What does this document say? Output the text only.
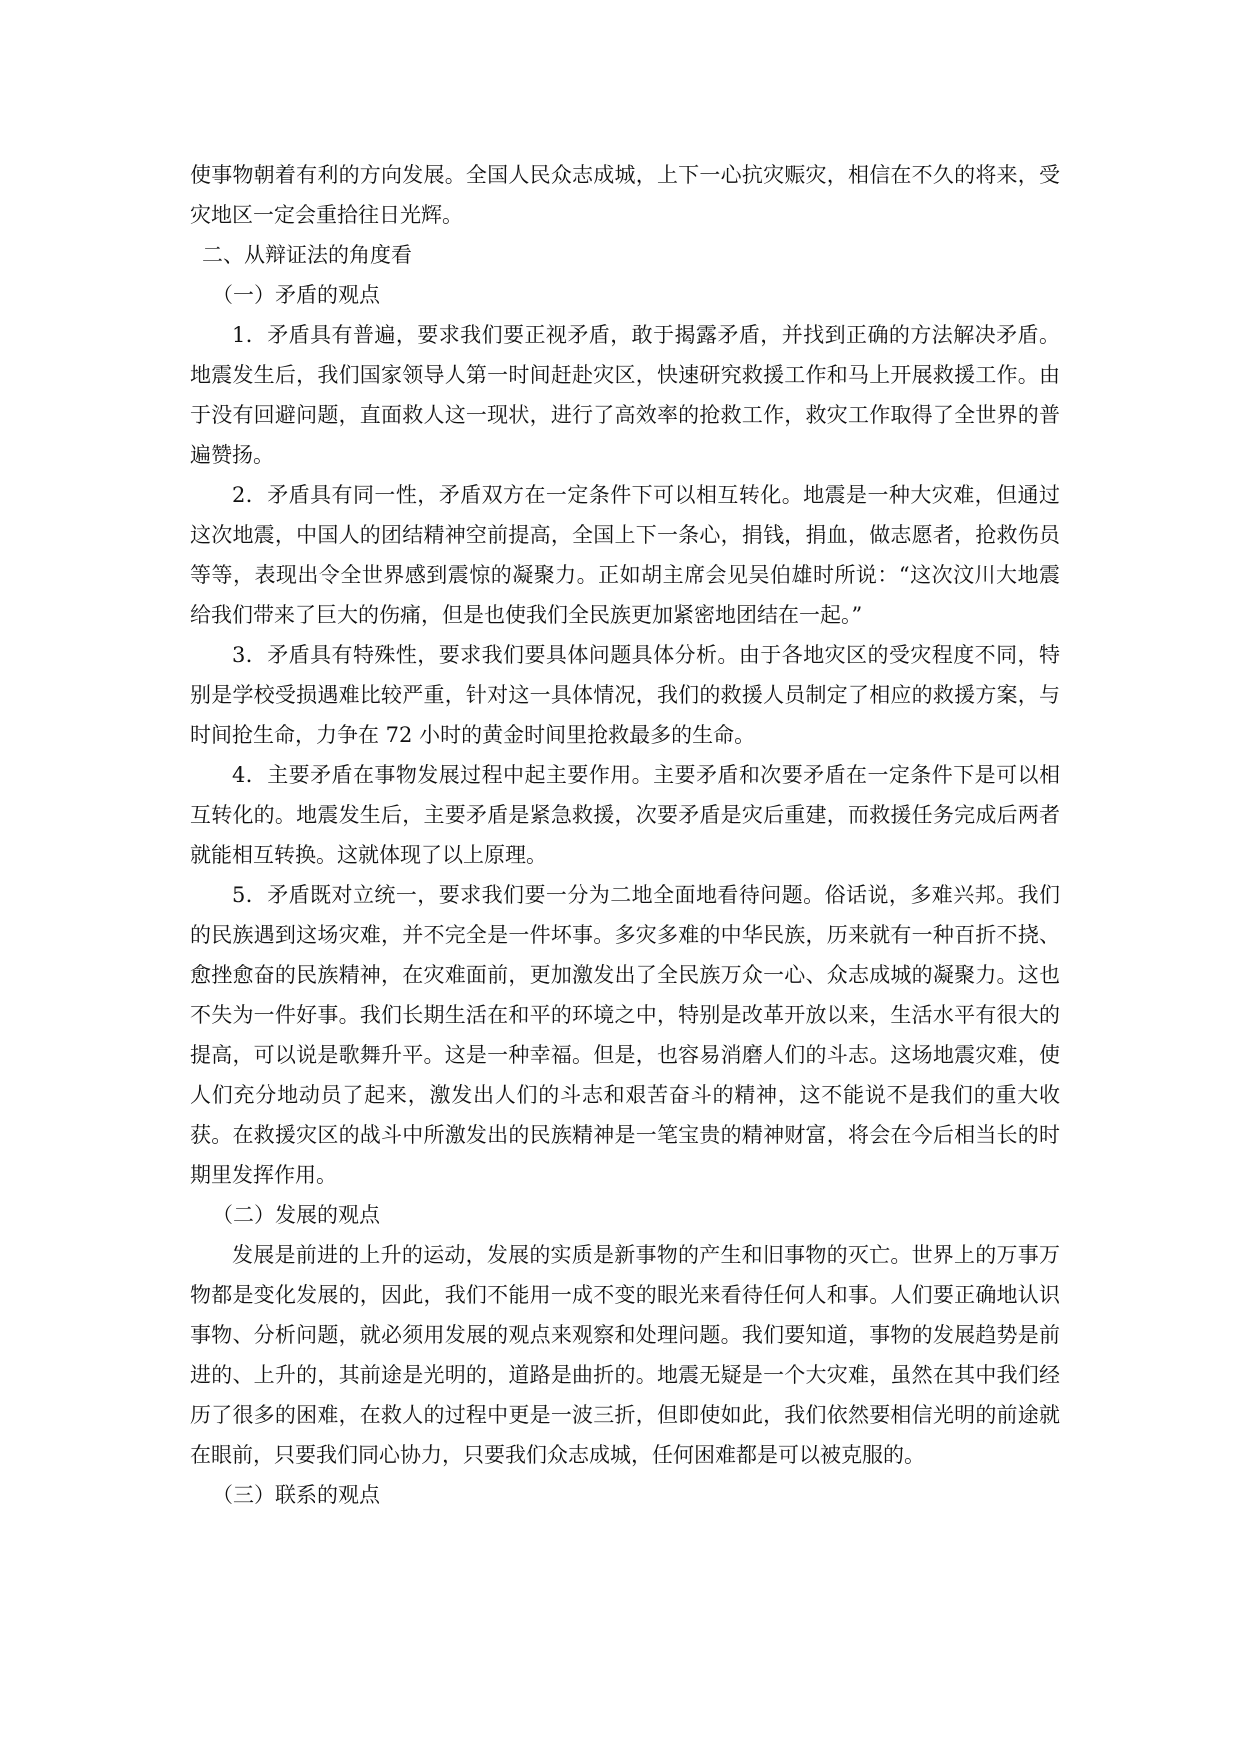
使事物朝着有利的方向发展。全国人民众志成城，上下一心抗灾赈灾，相信在不久的将来，受灾地区一定会重拾往日光辉。

二、从辩证法的角度看

（一）矛盾的观点

1．矛盾具有普遍，要求我们要正视矛盾，敢于揭露矛盾，并找到正确的方法解决矛盾。地震发生后，我们国家领导人第一时间赶赴灾区，快速研究救援工作和马上开展救援工作。由于没有回避问题，直面救人这一现状，进行了高效率的抢救工作，救灾工作取得了全世界的普遍赞扬。

2．矛盾具有同一性，矛盾双方在一定条件下可以相互转化。地震是一种大灾难，但通过这次地震，中国人的团结精神空前提高，全国上下一条心，捐钱，捐血，做志愿者，抢救伤员等等，表现出令全世界感到震惊的凝聚力。正如胡主席会见吴伯雄时所说：“这次汶川大地震给我们带来了巨大的伤痛，但是也使我们全民族更加紧密地团结在一起。”

3．矛盾具有特殊性，要求我们要具体问题具体分析。由于各地灾区的受灾程度不同，特别是学校受损遇难比较严重，针对这一具体情况，我们的救援人员制定了相应的救援方案，与时间抢生命，力争在 72 小时的黄金时间里抢救最多的生命。

4．主要矛盾在事物发展过程中起主要作用。主要矛盾和次要矛盾在一定条件下是可以相互转化的。地震发生后，主要矛盾是紧急救援，次要矛盾是灾后重建，而救援任务完成后两者就能相互转换。这就体现了以上原理。

5．矛盾既对立统一，要求我们要一分为二地全面地看待问题。俗话说，多难兴邦。我们的民族遇到这场灾难，并不完全是一件坏事。多灾多难的中华民族，历来就有一种百折不挠、愈挫愈奋的民族精神，在灾难面前，更加激发出了全民族万众一心、众志成城的凝聚力。这也不失为一件好事。我们长期生活在和平的环境之中，特别是改革开放以来，生活水平有很大的提高，可以说是歌舞升平。这是一种幸福。但是，也容易消磨人们的斗志。这场地震灾难，使人们充分地动员了起来，激发出人们的斗志和艰苦奋斗的精神，这不能说不是我们的重大收获。在救援灾区的战斗中所激发出的民族精神是一笔宝贵的精神财富，将会在今后相当长的时期里发挥作用。

（二）发展的观点

发展是前进的上升的运动，发展的实质是新事物的产生和旧事物的灭亡。世界上的万事万物都是变化发展的，因此，我们不能用一成不变的眼光来看待任何人和事。人们要正确地认识事物、分析问题，就必须用发展的观点来观察和处理问题。我们要知道，事物的发展趋势是前进的、上升的，其前途是光明的，道路是曲折的。地震无疑是一个大灾难，虽然在其中我们经历了很多的困难，在救人的过程中更是一波三折，但即使如此，我们依然要相信光明的前途就在眼前，只要我们同心协力，只要我们众志成城，任何困难都是可以被克服的。

（三）联系的观点
